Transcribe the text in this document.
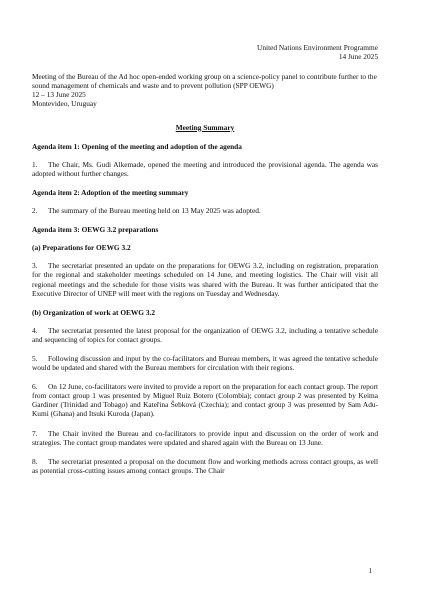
United Nations Environment Programme

14 June 2025

Meeting of the Bureau of the Ad hoc open-ended working group on a science-policy panel to contribute further to the sound management of chemicals and waste and to prevent pollution (SPP OEWG)

12 – 13 June 2025

Montevideo, Uruguay

Meeting Summary

Agenda item 1: Opening of the meeting and adoption of the agenda

1. The Chair, Ms. Gudi Alkemade, opened the meeting and introduced the provisional agenda. The agenda was adopted without further changes.

Agenda item 2: Adoption of the meeting summary

2. The summary of the Bureau meeting held on 13 May 2025 was adopted.

Agenda item 3: OEWG 3.2 preparations

(a) Preparations for OEWG 3.2

3. The secretariat presented an update on the preparations for OEWG 3.2, including on registration, preparation for the regional and stakeholder meetings scheduled on 14 June, and meeting logistics. The Chair will visit all regional meetings and the schedule for those visits was shared with the Bureau. It was further anticipated that the Executive Director of UNEP will meet with the regions on Tuesday and Wednesday.

(b) Organization of work at OEWG 3.2

4. The secretariat presented the latest proposal for the organization of OEWG 3.2, including a tentative schedule and sequencing of topics for contact groups.

5. Following discussion and input by the co-facilitators and Bureau members, it was agreed the tentative schedule would be updated and shared with the Bureau members for circulation with their regions.

6. On 12 June, co-facilitators were invited to provide a report on the preparation for each contact group. The report from contact group 1 was presented by Miguel Ruiz Botero (Colombia); contact group 2 was presented by Keima Gardiner (Trinidad and Tobago) and Kateřina Šebková (Czechia); and contact group 3 was presented by Sam Adu-Kumi (Ghana) and Itsuki Kuroda (Japan).

7. The Chair invited the Bureau and co-facilitators to provide input and discussion on the order of work and strategies. The contact group mandates were updated and shared again with the Bureau on 13 June.

8. The secretariat presented a proposal on the document flow and working methods across contact groups, as well as potential cross-cutting issues among contact groups. The Chair

1
